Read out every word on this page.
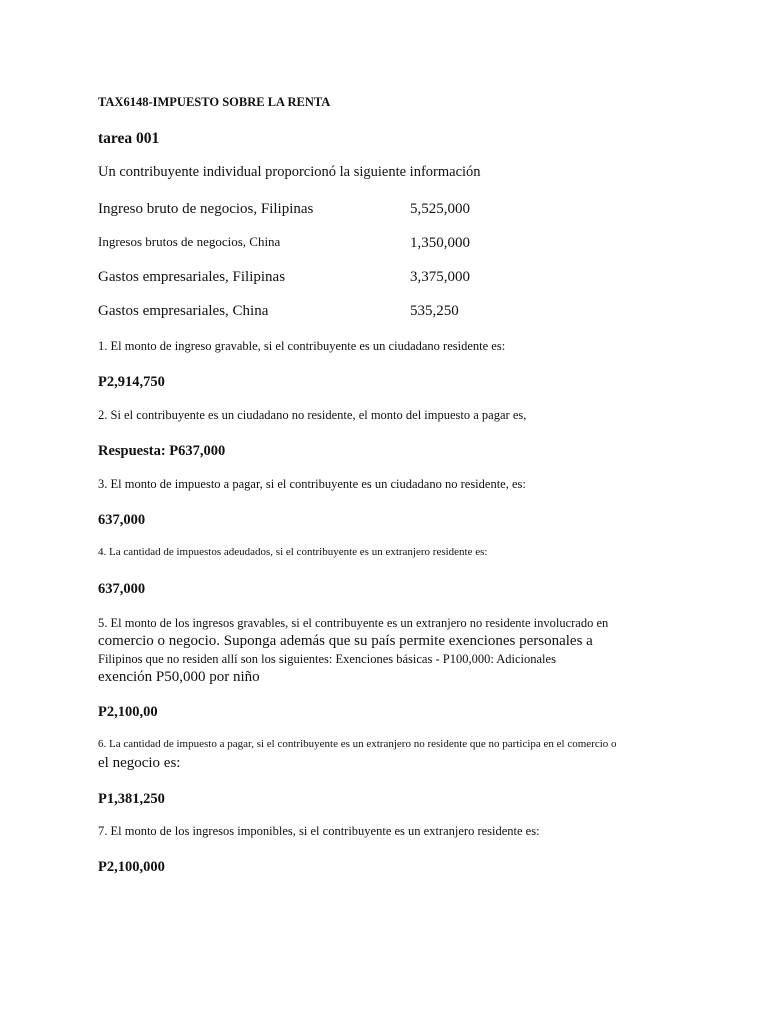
TAX6148-IMPUESTO SOBRE LA RENTA
tarea 001
Un contribuyente individual proporcionó la siguiente información
Ingreso bruto de negocios, Filipinas	5,525,000
Ingresos brutos de negocios, China	1,350,000
Gastos empresariales, Filipinas	3,375,000
Gastos empresariales, China	535,250
1. El monto de ingreso gravable, si el contribuyente es un ciudadano residente es:
P2,914,750
2. Si el contribuyente es un ciudadano no residente, el monto del impuesto a pagar es,
Respuesta: P637,000
3. El monto de impuesto a pagar, si el contribuyente es un ciudadano no residente, es:
637,000
4. La cantidad de impuestos adeudados, si el contribuyente es un extranjero residente es:
637,000
5. El monto de los ingresos gravables, si el contribuyente es un extranjero no residente involucrado en
comercio o negocio. Suponga además que su país permite exenciones personales a
Filipinos que no residen allí son los siguientes: Exenciones básicas - P100,000: Adicionales
exención P50,000 por niño
P2,100,00
6. La cantidad de impuesto a pagar, si el contribuyente es un extranjero no residente que no participa en el comercio o
el negocio es:
P1,381,250
7. El monto de los ingresos imponibles, si el contribuyente es un extranjero residente es:
P2,100,000
